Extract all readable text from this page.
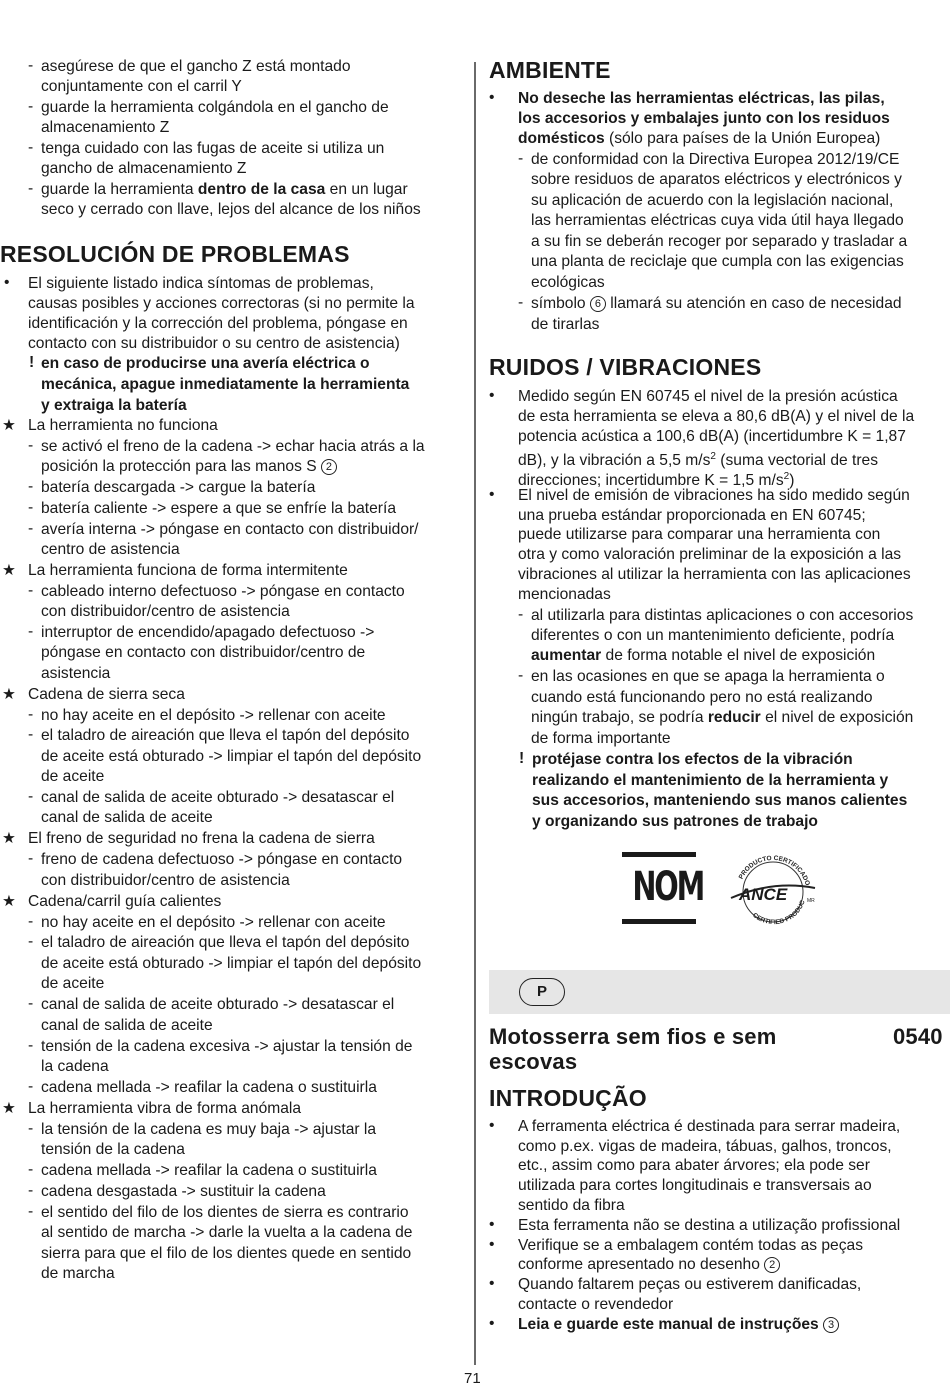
- asegúrese de que el gancho Z está montado
conjuntamente con el carril Y
- guarde la herramienta colgándola en el gancho de
almacenamiento Z
- tenga cuidado con las fugas de aceite si utiliza un
gancho de almacenamiento Z
- guarde la herramienta dentro de la casa en un lugar
seco y cerrado con llave, lejos del alcance de los niños
RESOLUCIÓN DE PROBLEMAS
• El siguiente listado indica síntomas de problemas,
causas posibles y acciones correctoras (si no permite la
identificación y la corrección del problema, póngase en
contacto con su distribuidor o su centro de asistencia)
! en caso de producirse una avería eléctrica o
mecánica, apague inmediatamente la herramienta
y extraiga la batería
★ La herramienta no funciona
- se activó el freno de la cadena -> echar hacia atrás a la
posición la protección para las manos S 2
- batería descargada -> cargue la batería
- batería caliente -> espere a que se enfríe la batería
- avería interna -> póngase en contacto con distribuidor/
centro de asistencia
★ La herramienta funciona de forma intermitente
- cableado interno defectuoso -> póngase en contacto
con distribuidor/centro de asistencia
- interruptor de encendido/apagado defectuoso ->
póngase en contacto con distribuidor/centro de
asistencia
★ Cadena de sierra seca
- no hay aceite en el depósito -> rellenar con aceite
- el taladro de aireación que lleva el tapón del depósito
de aceite está obturado -> limpiar el tapón del depósito
de aceite
- canal de salida de aceite obturado -> desatascar el
canal de salida de aceite
★ El freno de seguridad no frena la cadena de sierra
- freno de cadena defectuoso -> póngase en contacto
con distribuidor/centro de asistencia
★ Cadena/carril guía calientes
- no hay aceite en el depósito -> rellenar con aceite
- el taladro de aireación que lleva el tapón del depósito
de aceite está obturado -> limpiar el tapón del depósito
de aceite
- canal de salida de aceite obturado -> desatascar el
canal de salida de aceite
- tensión de la cadena excesiva -> ajustar la tensión de
la cadena
- cadena mellada -> reafilar la cadena o sustituirla
★ La herramienta vibra de forma anómala
- la tensión de la cadena es muy baja -> ajustar la
tensión de la cadena
- cadena mellada -> reafilar la cadena o sustituirla
- cadena desgastada -> sustituir la cadena
- el sentido del filo de los dientes de sierra es contrario
al sentido de marcha -> darle la vuelta a la cadena de
sierra para que el filo de los dientes quede en sentido
de marcha
AMBIENTE
• No deseche las herramientas eléctricas, las pilas,
los accesorios y embalajes junto con los residuos
domésticos (sólo para países de la Unión Europea)
- de conformidad con la Directiva Europea 2012/19/CE
sobre residuos de aparatos eléctricos y electrónicos y
su aplicación de acuerdo con la legislación nacional,
las herramientas eléctricas cuya vida útil haya llegado
a su fin se deberán recoger por separado y trasladar a
una planta de reciclaje que cumpla con las exigencias
ecológicas
- símbolo 6 llamará su atención en caso de necesidad
de tirarlas
RUIDOS / VIBRACIONES
• Medido según EN 60745 el nivel de la presión acústica
de esta herramienta se eleva a 80,6 dB(A) y el nivel de la
potencia acústica a 100,6 dB(A) (incertidumbre K = 1,87
dB), y la vibración a 5,5 $m/s^2$ (suma vectorial de tres
direcciones; incertidumbre K = 1,5 $m/s^2$)
• El nivel de emisión de vibraciones ha sido medido según
una prueba estándar proporcionada en EN 60745;
puede utilizarse para comparar una herramienta con
otra y como valoración preliminar de la exposición a las
vibraciones al utilizar la herramienta con las aplicaciones
mencionadas
- al utilizarla para distintas aplicaciones o con accesorios
diferentes o con un mantenimiento deficiente, podría
aumentar de forma notable el nivel de exposición
- en las ocasiones en que se apaga la herramienta o
cuando está funcionando pero no está realizando
ningún trabajo, se podría reducir el nivel de exposición
de forma importante
! protéjase contra los efectos de la vibración
realizando el mantenimiento de la herramienta y
sus accesorios, manteniendo sus manos calientes
y organizando sus patrones de trabajo
NOM	PRODUCTO CERTIFICADO
CERTIFIED PRODUC
ANCE	MR
P
Motosserra sem fios e sem
escovas
0540
INTRODUÇÃO
• A ferramenta eléctrica é destinada para serrar madeira,
como p.ex. vigas de madeira, tábuas, galhos, troncos,
etc., assim como para abater árvores; ela pode ser
utilizada para cortes longitudinais e transversais ao
sentido da fibra
• Esta ferramenta não se destina a utilização profissional
• Verifique se a embalagem contém todas as peças
conforme apresentado no desenho 2
• Quando faltarem peças ou estiverem danificadas,
contacte o revendedor
• Leia e guarde este manual de instruções 3
71
